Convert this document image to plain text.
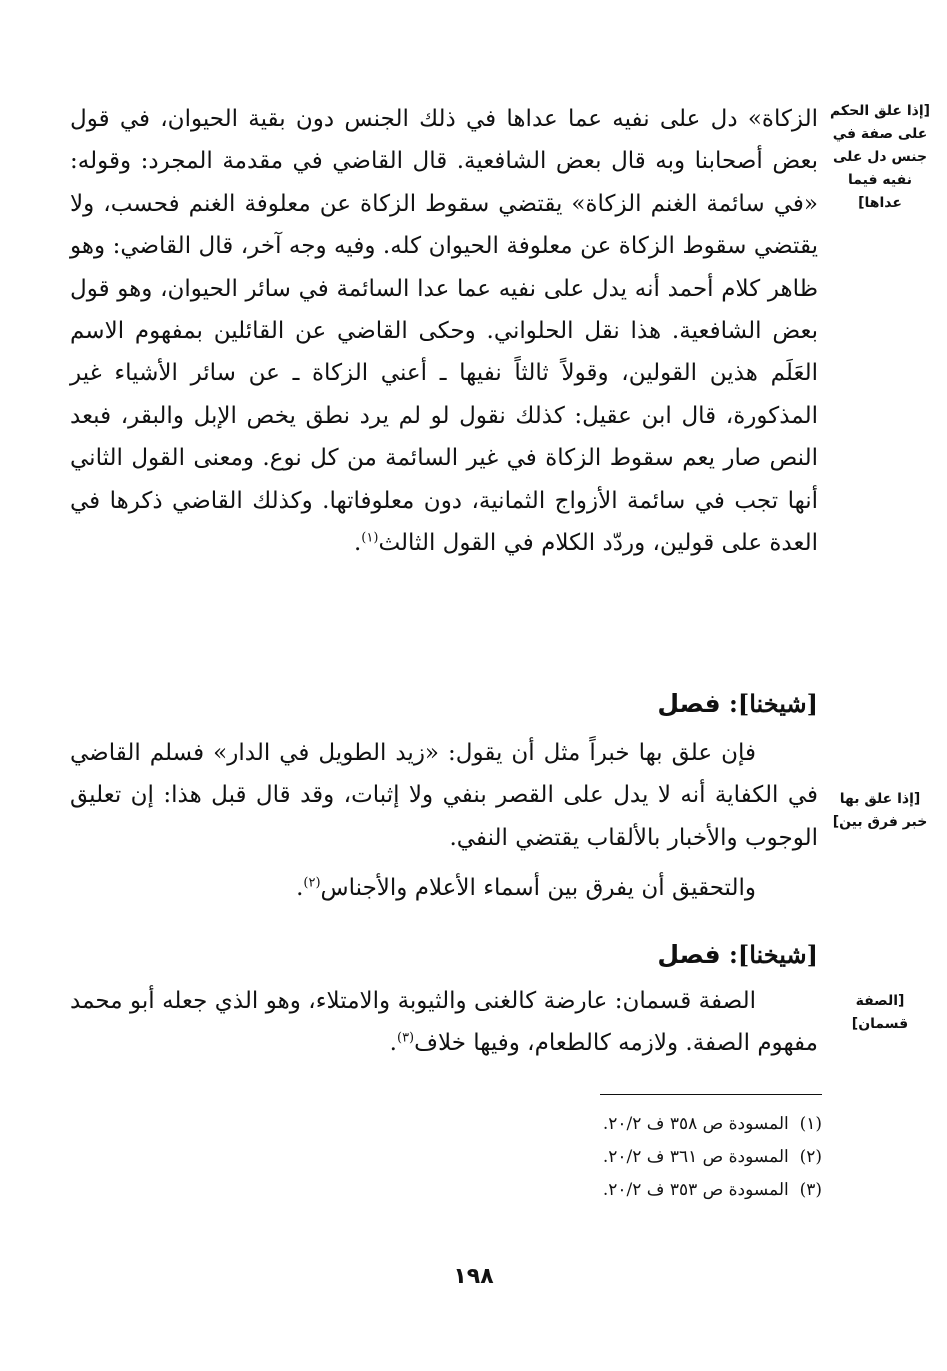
[إذا علق الحكم على صفة في جنس دل على نفيه فيما عداها]

الزكاة» دل على نفيه عما عداها في ذلك الجنس دون بقية الحيوان، في قول بعض أصحابنا وبه قال بعض الشافعية. قال القاضي في مقدمة المجرد: وقوله: «في سائمة الغنم الزكاة» يقتضي سقوط الزكاة عن معلوفة الغنم فحسب، ولا يقتضي سقوط الزكاة عن معلوفة الحيوان كله. وفيه وجه آخر، قال القاضي: وهو ظاهر كلام أحمد أنه يدل على نفيه عما عدا السائمة في سائر الحيوان، وهو قول بعض الشافعية. هذا نقل الحلواني. وحكى القاضي عن القائلين بمفهوم الاسم العَلَم هذين القولين، وقولاً ثالثاً نفيها ـ أعني الزكاة ـ عن سائر الأشياء غير المذكورة، قال ابن عقيل: كذلك نقول لو لم يرد نطق يخص الإبل والبقر، فبعد النص صار يعم سقوط الزكاة في غير السائمة من كل نوع. ومعنى القول الثاني أنها تجب في سائمة الأزواج الثمانية، دون معلوفاتها. وكذلك القاضي ذكرها في العدة على قولين، وردّد الكلام في القول الثالث$^{(١)}$.

[شيخنا]: فصل
[إذا علق بها خبر فرق بين]

فإن علق بها خبراً مثل أن يقول: «زيد الطويل في الدار» فسلم القاضي في الكفاية أنه لا يدل على القصر بنفي ولا إثبات، وقد قال قبل هذا: إن تعليق الوجوب والأخبار بالألقاب يقتضي النفي.

والتحقيق أن يفرق بين أسماء الأعلام والأجناس$^{(٢)}$.

[شيخنا]: فصل
[الصفة قسمان]

الصفة قسمان: عارضة كالغنى والثيوبة والامتلاء، وهو الذي جعله أبو محمد مفهوم الصفة. ولازمه كالطعام، وفيها خلاف$^{(٣)}$.

(١)  المسودة ص ٣٥٨ ف ٢٠/٢.

(٢)  المسودة ص ٣٦١ ف ٢٠/٢.

(٣)  المسودة ص ٣٥٣ ف ٢٠/٢.

١٩٨
